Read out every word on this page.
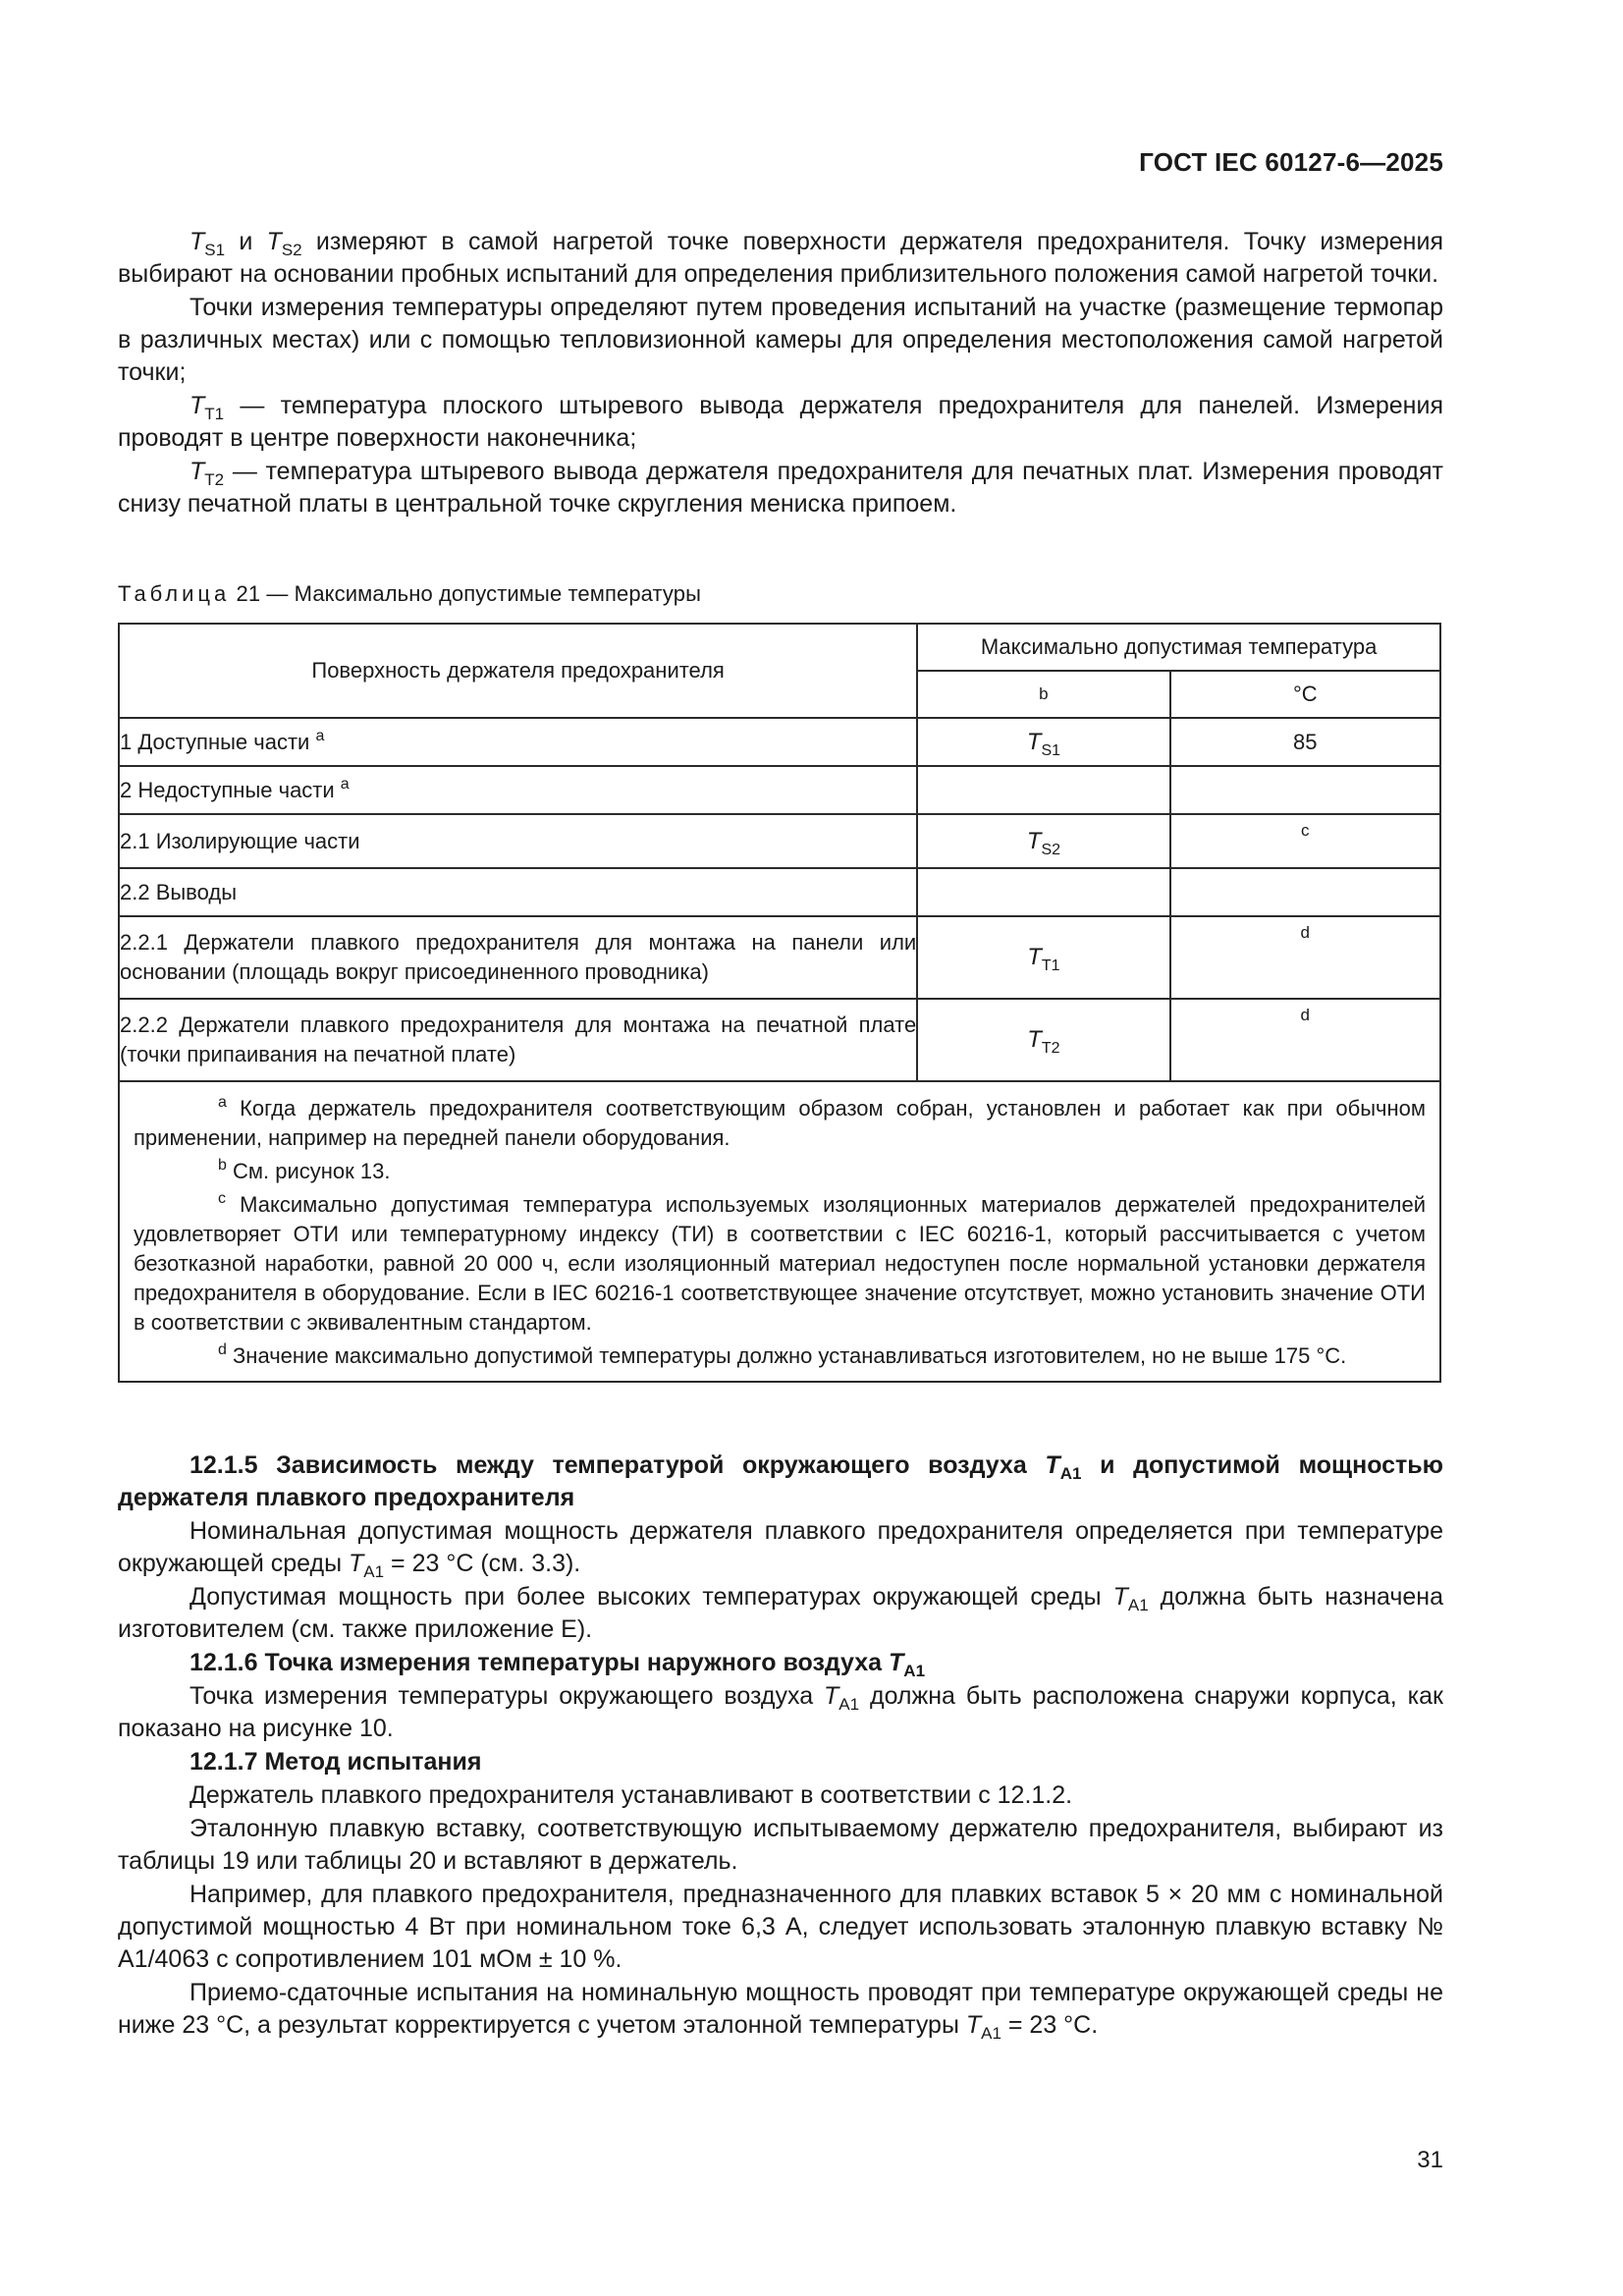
ГОСТ IEC 60127-6—2025

$T_{S1}$ и $T_{S2}$ измеряют в самой нагретой точке поверхности держателя предохранителя. Точку измерения выбирают на основании пробных испытаний для определения приблизительного положения самой нагретой точки.

Точки измерения температуры определяют путем проведения испытаний на участке (размещение термопар в различных местах) или с помощью тепловизионной камеры для определения местоположения самой нагретой точки;

$T_{T1}$ — температура плоского штыревого вывода держателя предохранителя для панелей. Измерения проводят в центре поверхности наконечника;

$T_{T2}$ — температура штыревого вывода держателя предохранителя для печатных плат. Измерения проводят снизу печатной платы в центральной точке скругления мениска припоем.

Таблица 21 — Максимально допустимые температуры
Поверхность держателя предохранителя	Максимально допустимая температура	
	b	°С
1 Доступные части $^a$	$T_{S1}$	85
2 Недоступные части $^a$		
2.1 Изолирующие части	$T_{S2}$	c
2.2 Выводы		
2.2.1 Держатели плавкого предохранителя для монтажа на панели или основании (площадь вокруг присоединенного проводника)	$T_{T1}$	d
2.2.2 Держатели плавкого предохранителя для монтажа на печатной плате (точки припаивания на печатной плате)	$T_{T2}$	d

$^a$ Когда держатель предохранителя соответствующим образом собран, установлен и работает как при обычном применении, например на передней панели оборудования.

$^b$ См. рисунок 13.

$^c$ Максимально допустимая температура используемых изоляционных материалов держателей предохранителей удовлетворяет ОТИ или температурному индексу (ТИ) в соответствии с IEC 60216-1, который рассчитывается с учетом безотказной наработки, равной 20 000 ч, если изоляционный материал недоступен после нормальной установки держателя предохранителя в оборудование. Если в IEC 60216-1 соответствующее значение отсутствует, можно установить значение ОТИ в соответствии с эквивалентным стандартом.

$^d$ Значение максимально допустимой температуры должно устанавливаться изготовителем, но не выше 175 °С.		

12.1.5 Зависимость между температурой окружающего воздуха $T_{A1}$ и допустимой мощностью держателя плавкого предохранителя

Номинальная допустимая мощность держателя плавкого предохранителя определяется при температуре окружающей среды $T_{A1} = 23$ °С (см. 3.3).

Допустимая мощность при более высоких температурах окружающей среды $T_{A1}$ должна быть назначена изготовителем (см. также приложение Е).

12.1.6 Точка измерения температуры наружного воздуха $T_{A1}$

Точка измерения температуры окружающего воздуха $T_{A1}$ должна быть расположена снаружи корпуса, как показано на рисунке 10.

12.1.7 Метод испытания

Держатель плавкого предохранителя устанавливают в соответствии с 12.1.2.

Эталонную плавкую вставку, соответствующую испытываемому держателю предохранителя, выбирают из таблицы 19 или таблицы 20 и вставляют в держатель.

Например, для плавкого предохранителя, предназначенного для плавких вставок 5 × 20 мм с номинальной допустимой мощностью 4 Вт при номинальном токе 6,3 А, следует использовать эталонную плавкую вставку № А1/4063 с сопротивлением 101 мОм ± 10 %.

Приемо-сдаточные испытания на номинальную мощность проводят при температуре окружающей среды не ниже 23 °С, а результат корректируется с учетом эталонной температуры $T_{A1} = 23$ °С.

31
